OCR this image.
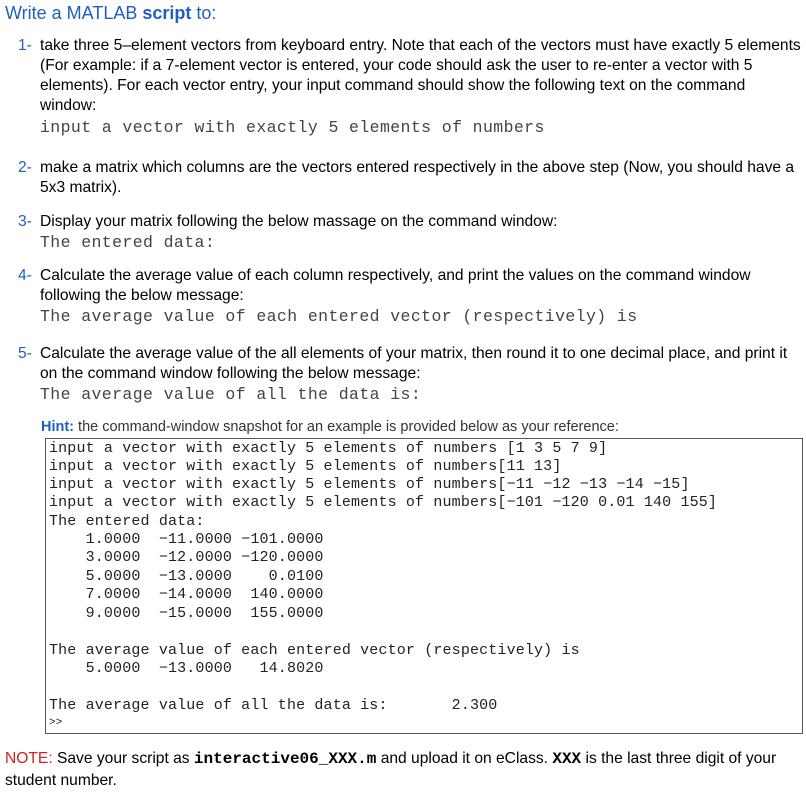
Write a MATLAB script to:
1- take three 5–element vectors from keyboard entry. Note that each of the vectors must have exactly 5 elements (For example: if a 7-element vector is entered, your code should ask the user to re-enter a vector with 5 elements). For each vector entry, your input command should show the following text on the command window:
input a vector with exactly 5 elements of numbers
2- make a matrix which columns are the vectors entered respectively in the above step (Now, you should have a 5x3 matrix).
3- Display your matrix following the below massage on the command window:
The entered data:
4- Calculate the average value of each column respectively, and print the values on the command window following the below message:
The average value of each entered vector (respectively) is
5- Calculate the average value of the all elements of your matrix, then round it to one decimal place, and print it on the command window following the below message:
The average value of all the data is:
Hint: the command-window snapshot for an example is provided below as your reference:
input a vector with exactly 5 elements of numbers [1 3 5 7 9]
input a vector with exactly 5 elements of numbers[11 13]
input a vector with exactly 5 elements of numbers[−11 −12 −13 −14 −15]
input a vector with exactly 5 elements of numbers[−101 −120 0.01 140 155]
The entered data:
1.0000  −11.0000 −101.0000
3.0000  −12.0000 −120.0000
5.0000  −13.0000    0.0100
7.0000  −14.0000  140.0000
9.0000  −15.0000  155.0000
The average value of each entered vector (respectively) is
5.0000  −13.0000   14.8020
The average value of all the data is:       2.300
>>
NOTE: Save your script as interactive06_XXX.m and upload it on eClass. XXX is the last three digit of your student number.
